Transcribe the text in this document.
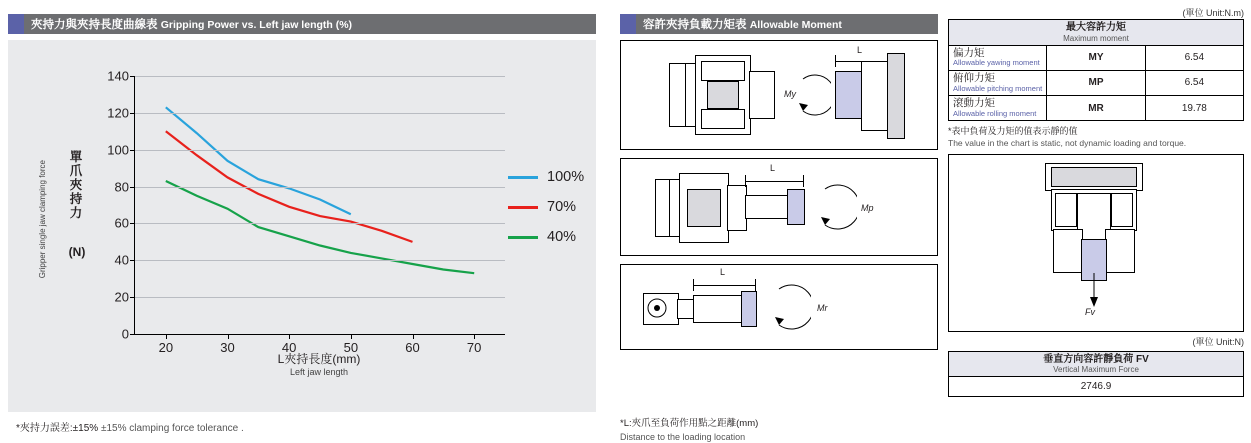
夾持力與夾持長度曲線表 Gripping Power vs. Left jaw length (%)
單
爪
夾
持
力
(N)
Gripper single jaw clamping force
0
20
40
60
80
100
120
140
20	30	40	50	60	70
L夾持長度(mm)
Left jaw length
100%
70%
40%
*夾持力誤差:±15% ±15% clamping force tolerance .
容許夾持負載力矩表 Allowable Moment
My
L
L
Mp
L
Mr
*L:夾爪至負荷作用點之距離(mm)
Distance to the loading location
(單位 Unit:N.m)
最大容許力矩
Maximum moment		

偏力矩
Allowable yawing moment	MY	6.54
俯仰力矩
Allowable pitching moment	MP	6.54
滾動力矩
Allowable rolling moment	MR	19.78
*表中負荷及力矩的值表示靜的值
The value in the chart is static, not dynamic loading and torque.
Fv
(單位 Unit:N)
垂直方向容許靜負荷 FV
Vertical Maximum Force

2746.9
